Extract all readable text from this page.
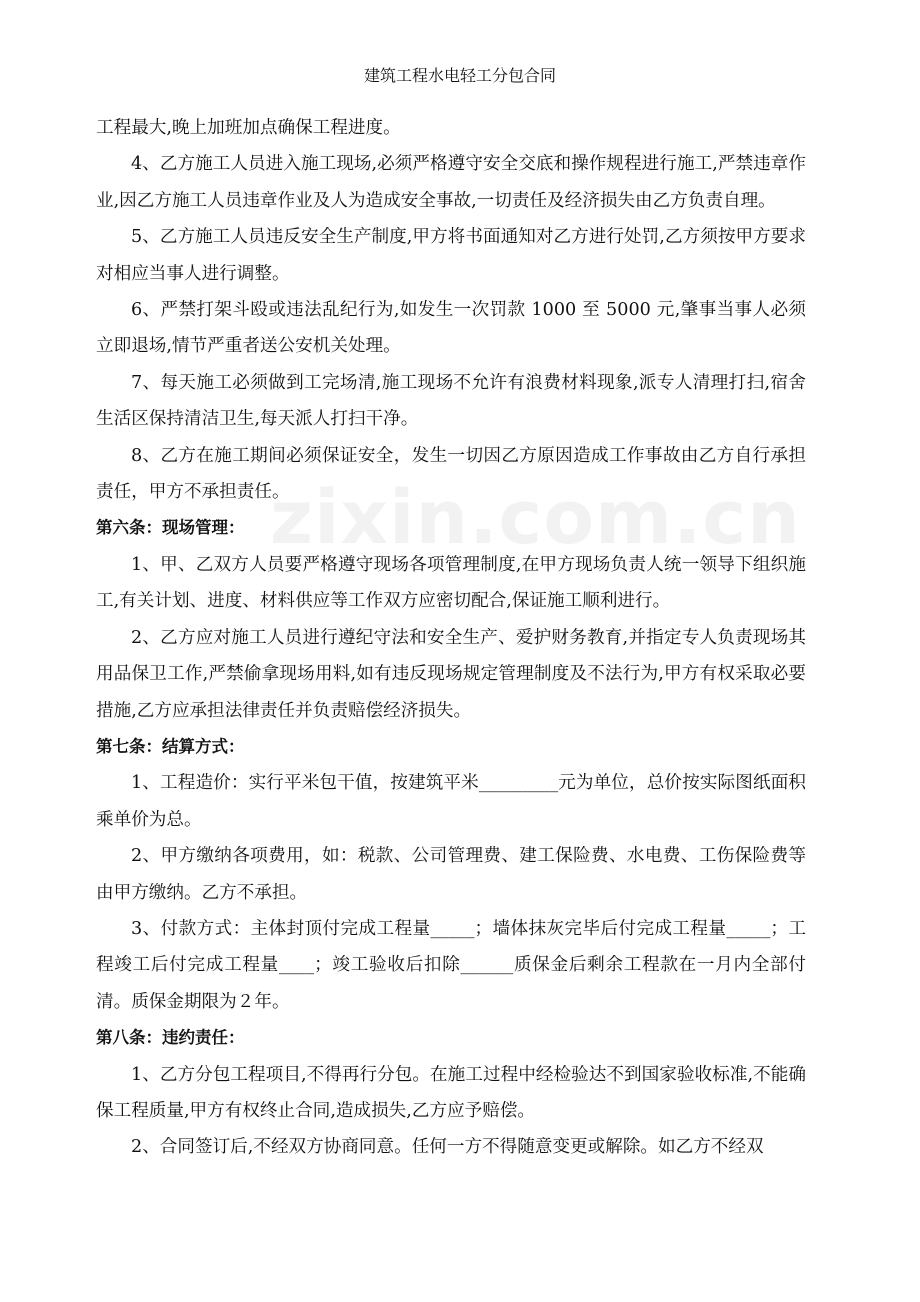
建筑工程水电轻工分包合同
zixin.com.cn

工程最大,晚上加班加点确保工程进度。

4、乙方施工人员进入施工现场,必须严格遵守安全交底和操作规程进行施工,严禁违章作业,因乙方施工人员违章作业及人为造成安全事故,一切责任及经济损失由乙方负责自理。

5、乙方施工人员违反安全生产制度,甲方将书面通知对乙方进行处罚,乙方须按甲方要求对相应当事人进行调整。

6、严禁打架斗殴或违法乱纪行为,如发生一次罚款 1000 至 5000 元,肇事当事人必须立即退场,情节严重者送公安机关处理。

7、每天施工必须做到工完场清,施工现场不允许有浪费材料现象,派专人清理打扫,宿舍生活区保持清洁卫生,每天派人打扫干净。

8、乙方在施工期间必须保证安全，发生一切因乙方原因造成工作事故由乙方自行承担责任，甲方不承担责任。

第六条：现场管理：

1、甲、乙双方人员要严格遵守现场各项管理制度,在甲方现场负责人统一领导下组织施工,有关计划、进度、材料供应等工作双方应密切配合,保证施工顺利进行。

2、乙方应对施工人员进行遵纪守法和安全生产、爱护财务教育,并指定专人负责现场其用品保卫工作,严禁偷拿现场用料,如有违反现场规定管理制度及不法行为,甲方有权采取必要措施,乙方应承担法律责任并负责赔偿经济损失。

第七条：结算方式：

1、工程造价：实行平米包干值，按建筑平米_________元为单位，总价按实际图纸面积乘单价为总。

2、甲方缴纳各项费用，如：税款、公司管理费、建工保险费、水电费、工伤保险费等由甲方缴纳。乙方不承担。

3、付款方式：主体封顶付完成工程量_____；墙体抹灰完毕后付完成工程量_____；工程竣工后付完成工程量____；竣工验收后扣除______质保金后剩余工程款在一月内全部付清。质保金期限为２年。

第八条：违约责任：

1、乙方分包工程项目,不得再行分包。在施工过程中经检验达不到国家验收标准,不能确保工程质量,甲方有权终止合同,造成损失,乙方应予赔偿。

2、合同签订后,不经双方协商同意。任何一方不得随意变更或解除。如乙方不经双
